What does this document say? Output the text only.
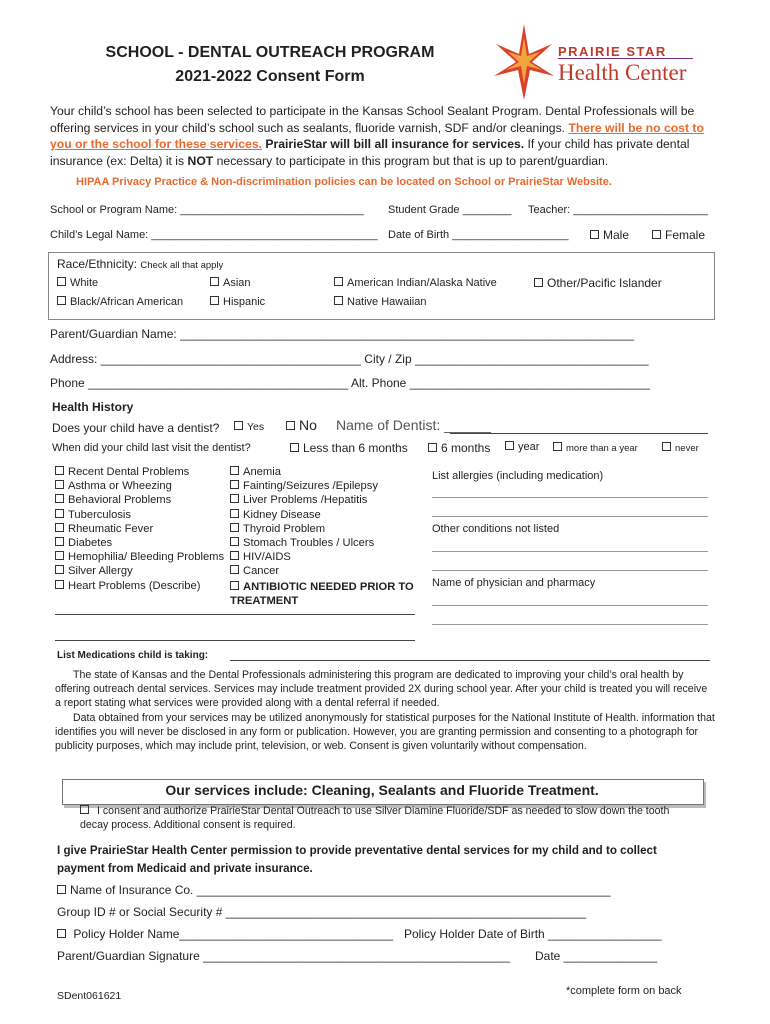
SCHOOL - DENTAL OUTREACH PROGRAM
2021-2022 Consent Form
PRAIRIE STAR
Health Center
Your child’s school has been selected to participate in the Kansas School Sealant Program. Dental Professionals will be offering services in your child’s school such as sealants, fluoride varnish, SDF and/or cleanings. There will be no cost to you or the school for these services. PrairieStar will bill all insurance for services. If your child has private dental insurance (ex: Delta) it is NOT necessary to participate in this program but that is up to parent/guardian.
HIPAA Privacy Practice & Non-discrimination policies can be located on School or PrairieStar Website.
School or Program Name: ______________________________ Student Grade ________ Teacher: ______________________
Child’s Legal Name: _____________________________________ Date of Birth ___________________	Male	Female
Race/Ethnicity: Check all that apply
White	Asian	American Indian/Alaska Native	Other/Pacific Islander
Black/African American	Hispanic	Native Hawaiian
Parent/Guardian Name: ____________________________________________________________________
Address: _______________________________________ City / Zip ___________________________________
Phone _______________________________________ Alt. Phone ____________________________________
Health History
Does your child have a dentist?	Yes	No Name of Dentist: ______
When did your child last visit the dentist?	Less than 6 months	6 months	year	more than a year	never
Recent Dental Problems
Asthma or Wheezing
Behavioral Problems
Tuberculosis
Rheumatic Fever
Diabetes
Hemophilia/ Bleeding Problems
Silver Allergy
Heart Problems (Describe)
Anemia
Fainting/Seizures /Epilepsy
Liver Problems /Hepatitis
Kidney Disease
Thyroid Problem
Stomach Troubles / Ulcers
HIV/AIDS
Cancer
ANTIBIOTIC NEEDED PRIOR TO TREATMENT
List allergies (including medication)
Other conditions not listed
Name of physician and pharmacy
List Medications child is taking:
The state of Kansas and the Dental Professionals administering this program are dedicated to improving your child’s oral health by offering outreach dental services. Services may include treatment provided 2X during school year. After your child is treated you will receive a report stating what services were provided along with a dental referral if needed.
Data obtained from your services may be utilized anonymously for statistical purposes for the National Institute of Health. information that identifies you will never be disclosed in any form or publication. However, you are granting permission and consenting to a photograph for publicity purposes, which may include print, television, or web. Consent is given voluntarily without compensation.
Our services include: Cleaning, Sealants and Fluoride Treatment.
I consent and authorize PrairieStar Dental Outreach to use Silver Diamine Fluoride/SDF as needed to slow down the tooth decay process. Additional consent is required.
I give PrairieStar Health Center permission to provide preventative dental services for my child and to collect payment from Medicaid and private insurance.
Name of Insurance Co. ______________________________________________________________
Group ID # or Social Security # ______________________________________________________
Policy Holder Name________________________________ Policy Holder Date of Birth _________________
Parent/Guardian Signature ______________________________________________ Date ______________
SDent061621	*complete form on back
